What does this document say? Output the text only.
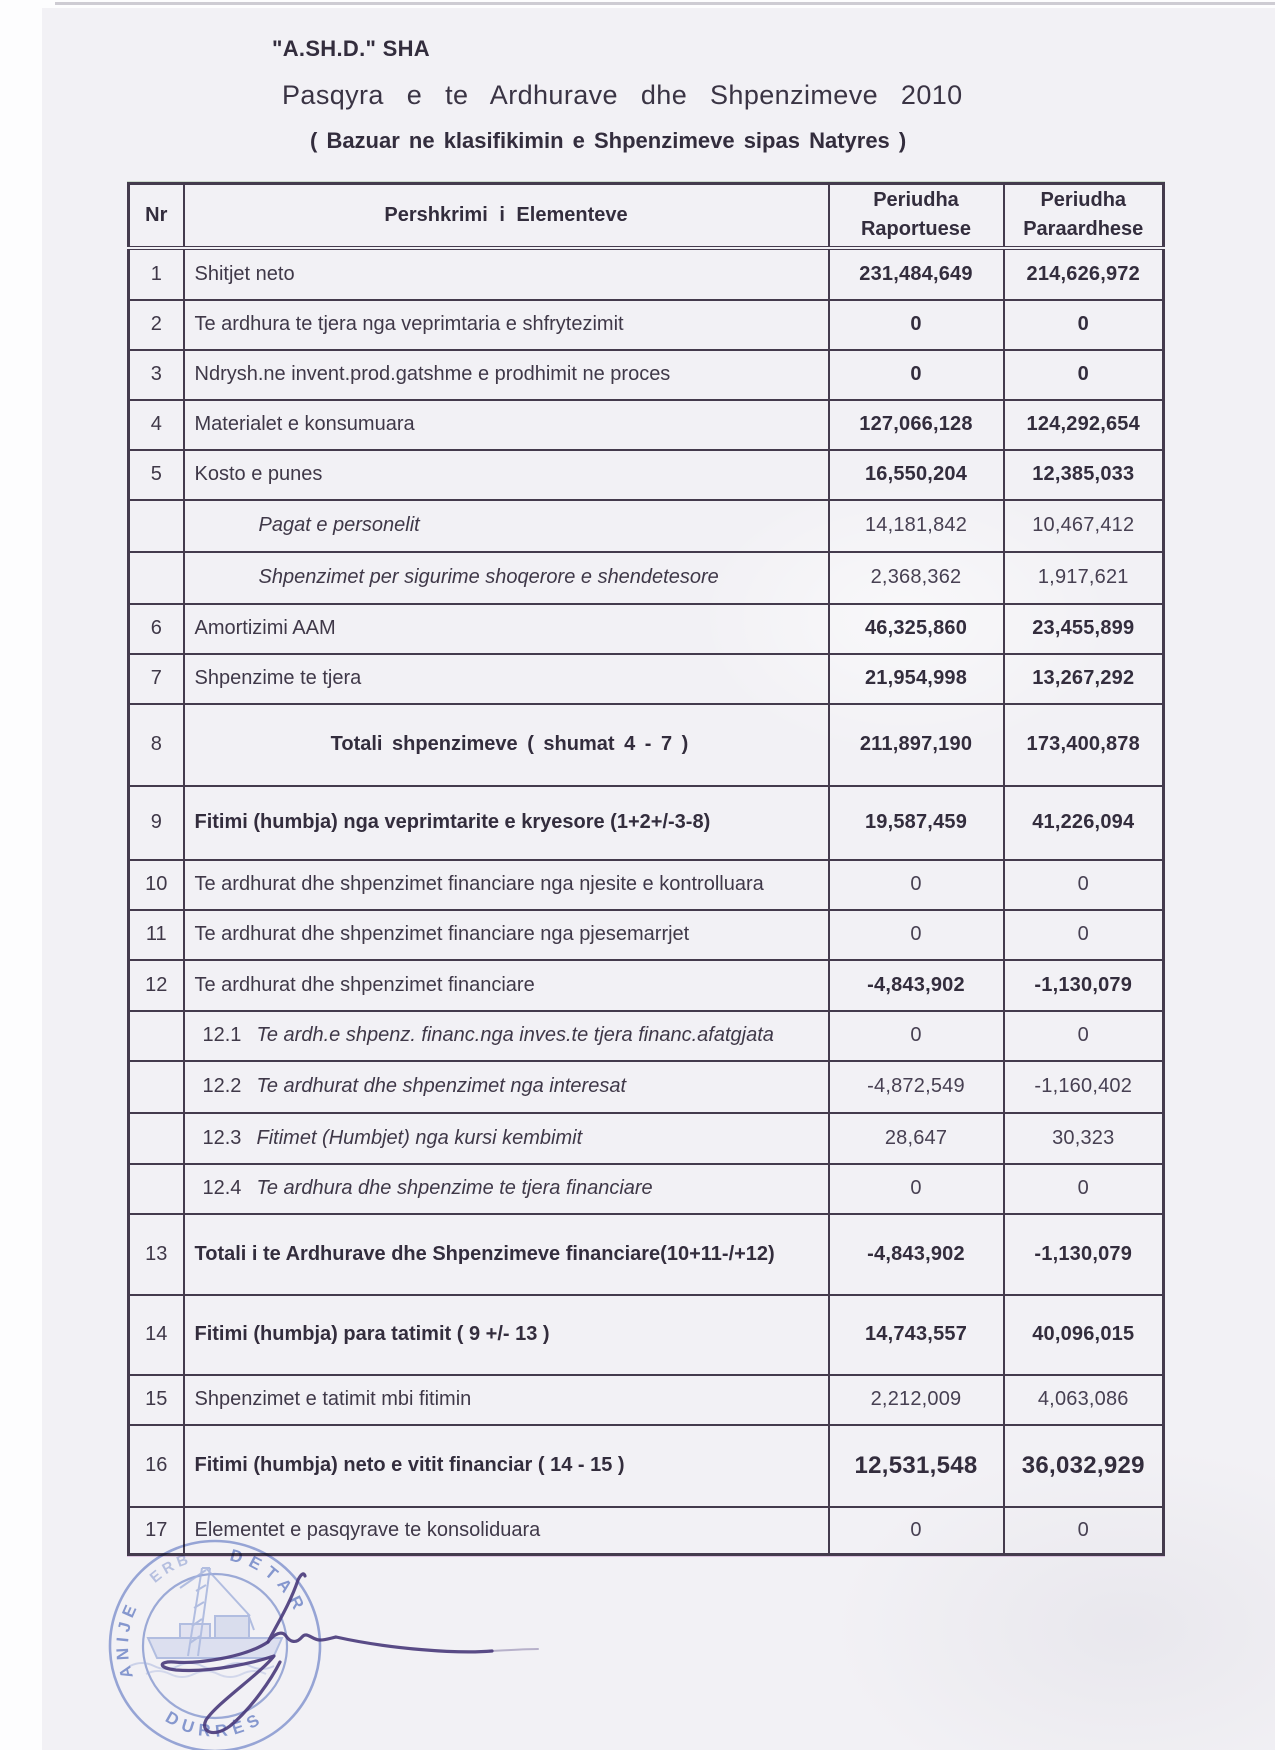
"A.SH.D." SHA
Pasqyra e te Ardhurave dhe Shpenzimeve 2010
( Bazuar ne klasifikimin e Shpenzimeve sipas Natyres )
Nr	Pershkrimi i Elementeve	Periudha Raportuese	Periudha Paraardhese
1	Shitjet neto	231,484,649	214,626,972
2	Te ardhura te tjera nga veprimtaria e shfrytezimit	0	0
3	Ndrysh.ne invent.prod.gatshme e prodhimit ne proces	0	0
4	Materialet e konsumuara	127,066,128	124,292,654
5	Kosto e punes	16,550,204	12,385,033
	Pagat e personelit	14,181,842	10,467,412
	Shpenzimet per sigurime shoqerore e shendetesore	2,368,362	1,917,621
6	Amortizimi AAM	46,325,860	23,455,899
7	Shpenzime te tjera	21,954,998	13,267,292
8	Totali shpenzimeve ( shumat 4 - 7 )	211,897,190	173,400,878
9	Fitimi (humbja) nga veprimtarite e kryesore (1+2+/-3-8)	19,587,459	41,226,094
10	Te ardhurat dhe shpenzimet financiare nga njesite e kontrolluara	0	0
11	Te ardhurat dhe shpenzimet financiare nga pjesemarrjet	0	0
12	Te ardhurat dhe shpenzimet financiare	-4,843,902	-1,130,079
	12.1 Te ardh.e shpenz. financ.nga inves.te tjera financ.afatgjata	0	0
	12.2 Te ardhurat dhe shpenzimet nga interesat	-4,872,549	-1,160,402
	12.3 Fitimet (Humbjet) nga kursi kembimit	28,647	30,323
	12.4 Te ardhura dhe shpenzime te tjera financiare	0	0
13	Totali i te Ardhurave dhe Shpenzimeve financiare(10+11-/+12)	-4,843,902	-1,130,079
14	Fitimi (humbja) para tatimit ( 9 +/- 13 )	14,743,557	40,096,015
15	Shpenzimet e tatimit mbi fitimin	2,212,009	4,063,086
16	Fitimi (humbja) neto e vitit financiar ( 14 - 15 )	12,531,548	36,032,929
17	Elementet e pasqyrave te konsoliduara	0	0
ANIJE
ERB DETAR
DURRËS
